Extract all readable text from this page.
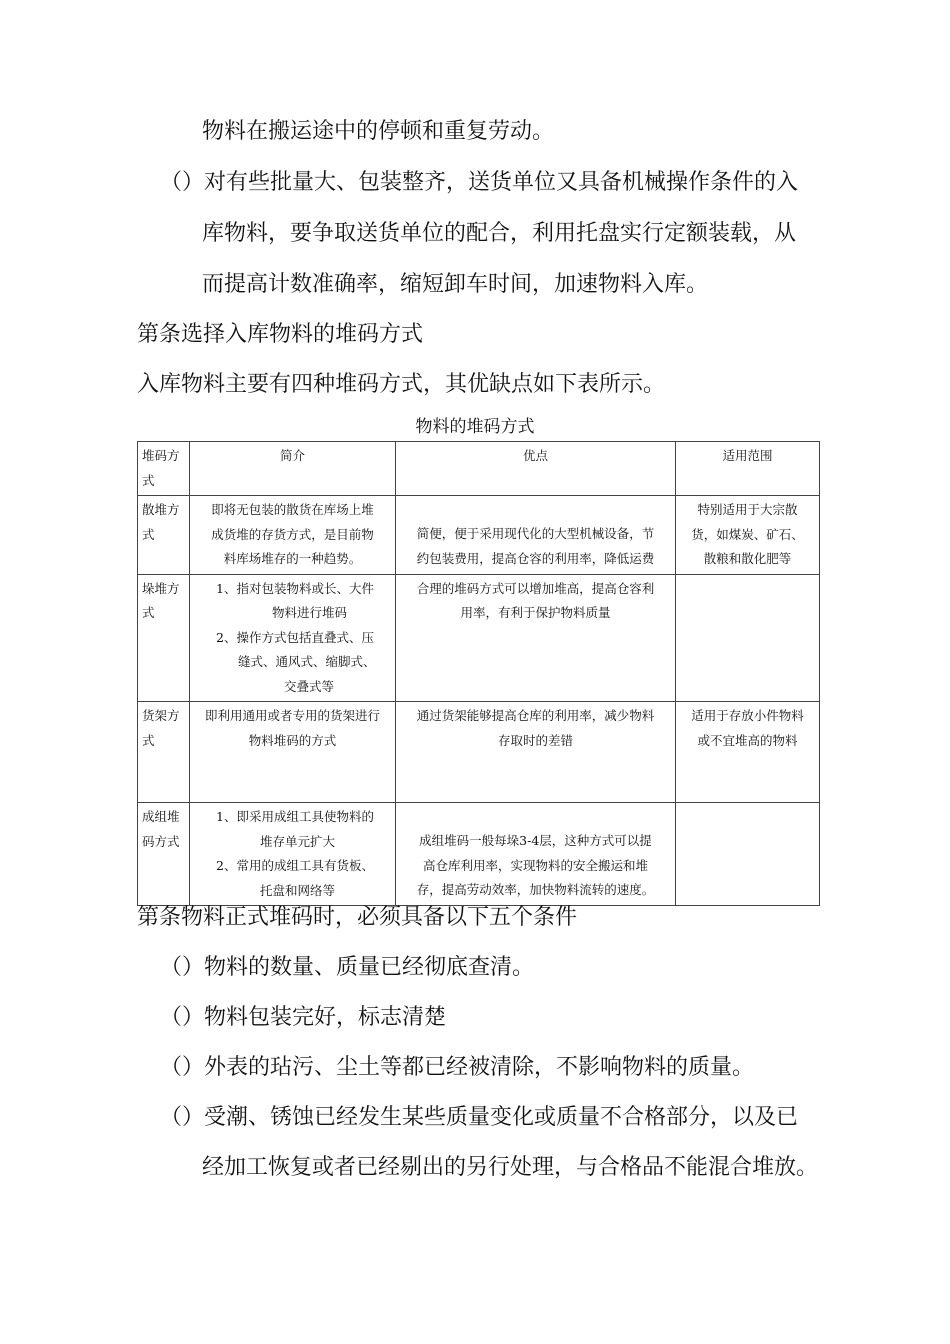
物料在搬运途中的停顿和重复劳动。
（）对有些批量大、包装整齐，送货单位又具备机械操作条件的入
库物料，要争取送货单位的配合，利用托盘实行定额装载，从
而提高计数准确率，缩短卸车时间，加速物料入库。
第条选择入库物料的堆码方式
入库物料主要有四种堆码方式，其优缺点如下表所示。
物料的堆码方式
堆码方式	简介	优点	适用范围
散堆方式	即将无包装的散货在库场上堆
成货堆的存货方式，是目前物
料库场堆存的一种趋势。	简便，便于采用现代化的大型机械设备，节
约包装费用，提高仓容的利用率，降低运费	特别适用于大宗散
货，如煤炭、矿石、
散粮和散化肥等

垛堆方式	1、指对包装物料或长、大件
物料进行堆码
2、操作方式包括直叠式、压
缝式、通风式、缩脚式、
交叠式等	合理的堆码方式可以增加堆高，提高仓容利
用率，有利于保护物料质量	

货架方式	即利用通用或者专用的货架进行
物料堆码的方式	通过货架能够提高仓库的利用率，减少物料
存取时的差错	适用于存放小件物料
或不宜堆高的物料

成组堆码方式	1、即采用成组工具使物料的
堆存单元扩大
2、常用的成组工具有货板、
托盘和网络等	成组堆码一般每垛3-4层，这种方式可以提
高仓库利用率，实现物料的安全搬运和堆
存，提高劳动效率，加快物料流转的速度。	

第条物料正式堆码时，必须具备以下五个条件
（）物料的数量、质量已经彻底查清。
（）物料包装完好，标志清楚
（）外表的玷污、尘土等都已经被清除，不影响物料的质量。
（）受潮、锈蚀已经发生某些质量变化或质量不合格部分，以及已
经加工恢复或者已经剔出的另行处理，与合格品不能混合堆放。
